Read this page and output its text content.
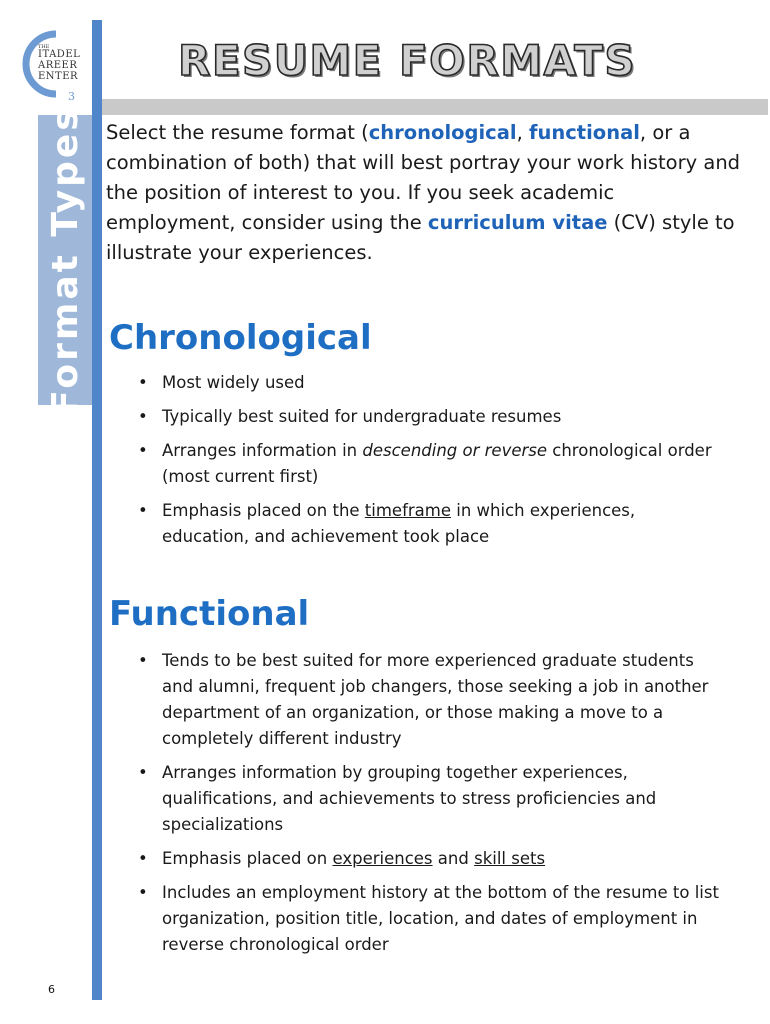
THE
ITADEL
AREER
ENTER
3
RESUME FORMATS
Format Types Select the resume format (chronological, functional, or a combination of both) that will best portray your work history and the position of interest to you. If you seek academic employment, consider using the curriculum vitae (CV) style to illustrate your experiences.

Chronological
• Most widely used
• Typically best suited for undergraduate resumes
• Arranges information in descending or reverse chronological order (most current first)
• Emphasis placed on the timeframe in which experiences, education, and achievement took place
Functional
• Tends to be best suited for more experienced graduate students and alumni, frequent job changers, those seeking a job in another department of an organization, or those making a move to a completely different industry
• Arranges information by grouping together experiences, qualifications, and achievements to stress proficiencies and specializations
• Emphasis placed on experiences and skill sets
• Includes an employment history at the bottom of the resume to list organization, position title, location, and dates of employment in reverse chronological order
6
